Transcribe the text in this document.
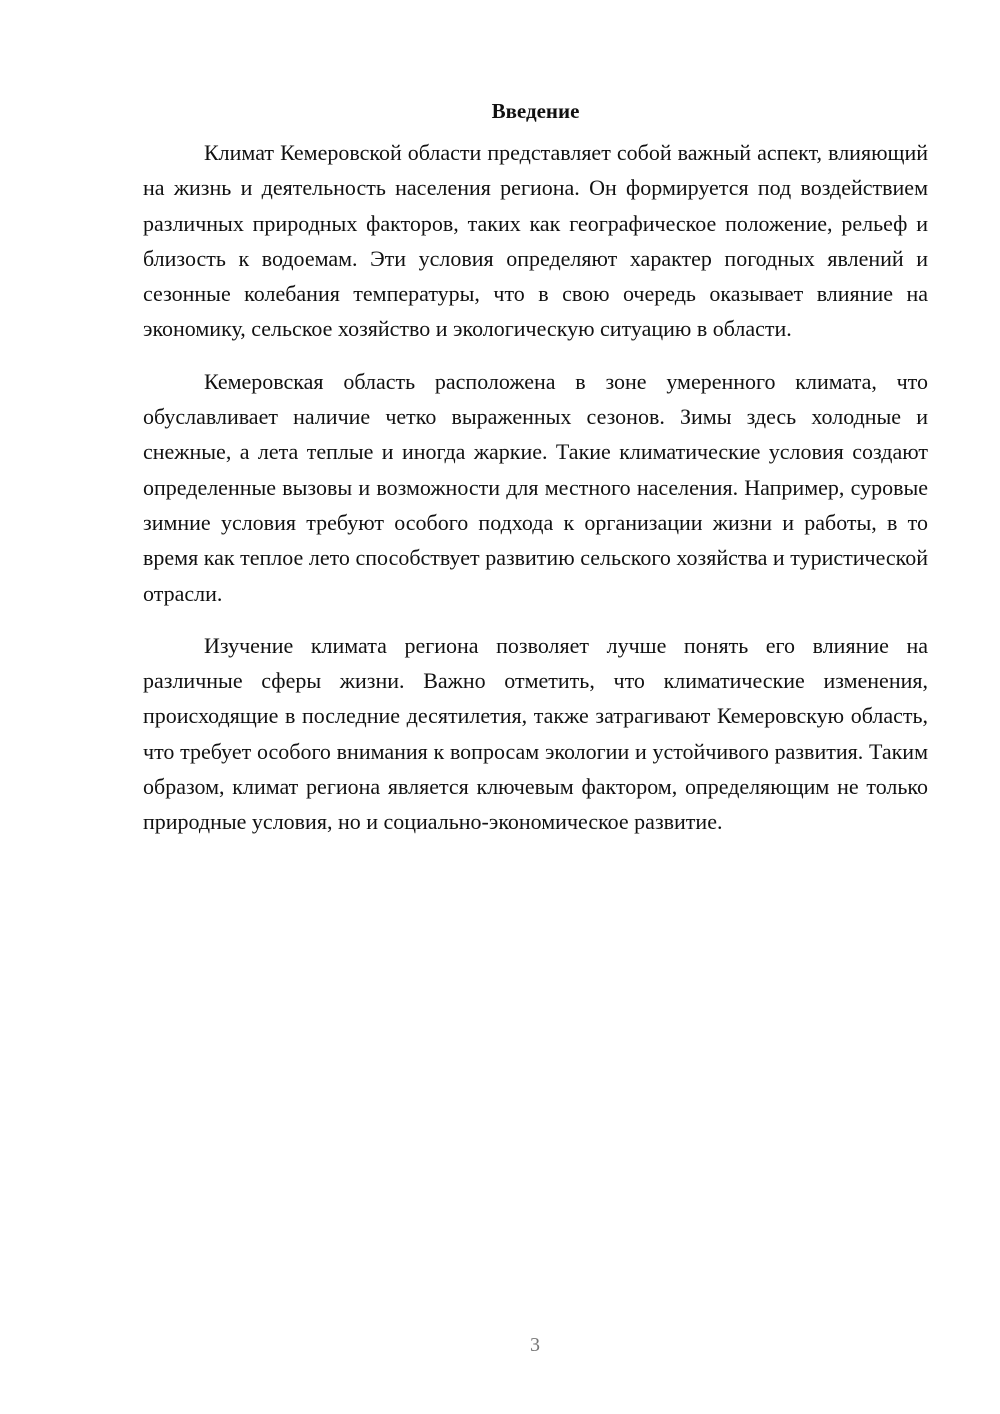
Введение

Климат Кемеровской области представляет собой важный аспект, влияющий на жизнь и деятельность населения региона. Он формируется под воздействием различных природных факторов, таких как географическое положение, рельеф и близость к водоемам. Эти условия определяют характер погодных явлений и сезонные колебания температуры, что в свою очередь оказывает влияние на экономику, сельское хозяйство и экологическую ситуацию в области.

Кемеровская область расположена в зоне умеренного климата, что обуславливает наличие четко выраженных сезонов. Зимы здесь холодные и снежные, а лета теплые и иногда жаркие. Такие климатические условия создают определенные вызовы и возможности для местного населения. Например, суровые зимние условия требуют особого подхода к организации жизни и работы, в то время как теплое лето способствует развитию сельского хозяйства и туристической отрасли.

Изучение климата региона позволяет лучше понять его влияние на различные сферы жизни. Важно отметить, что климатические изменения, происходящие в последние десятилетия, также затрагивают Кемеровскую область, что требует особого внимания к вопросам экологии и устойчивого развития. Таким образом, климат региона является ключевым фактором, определяющим не только природные условия, но и социально-экономическое развитие.

3
